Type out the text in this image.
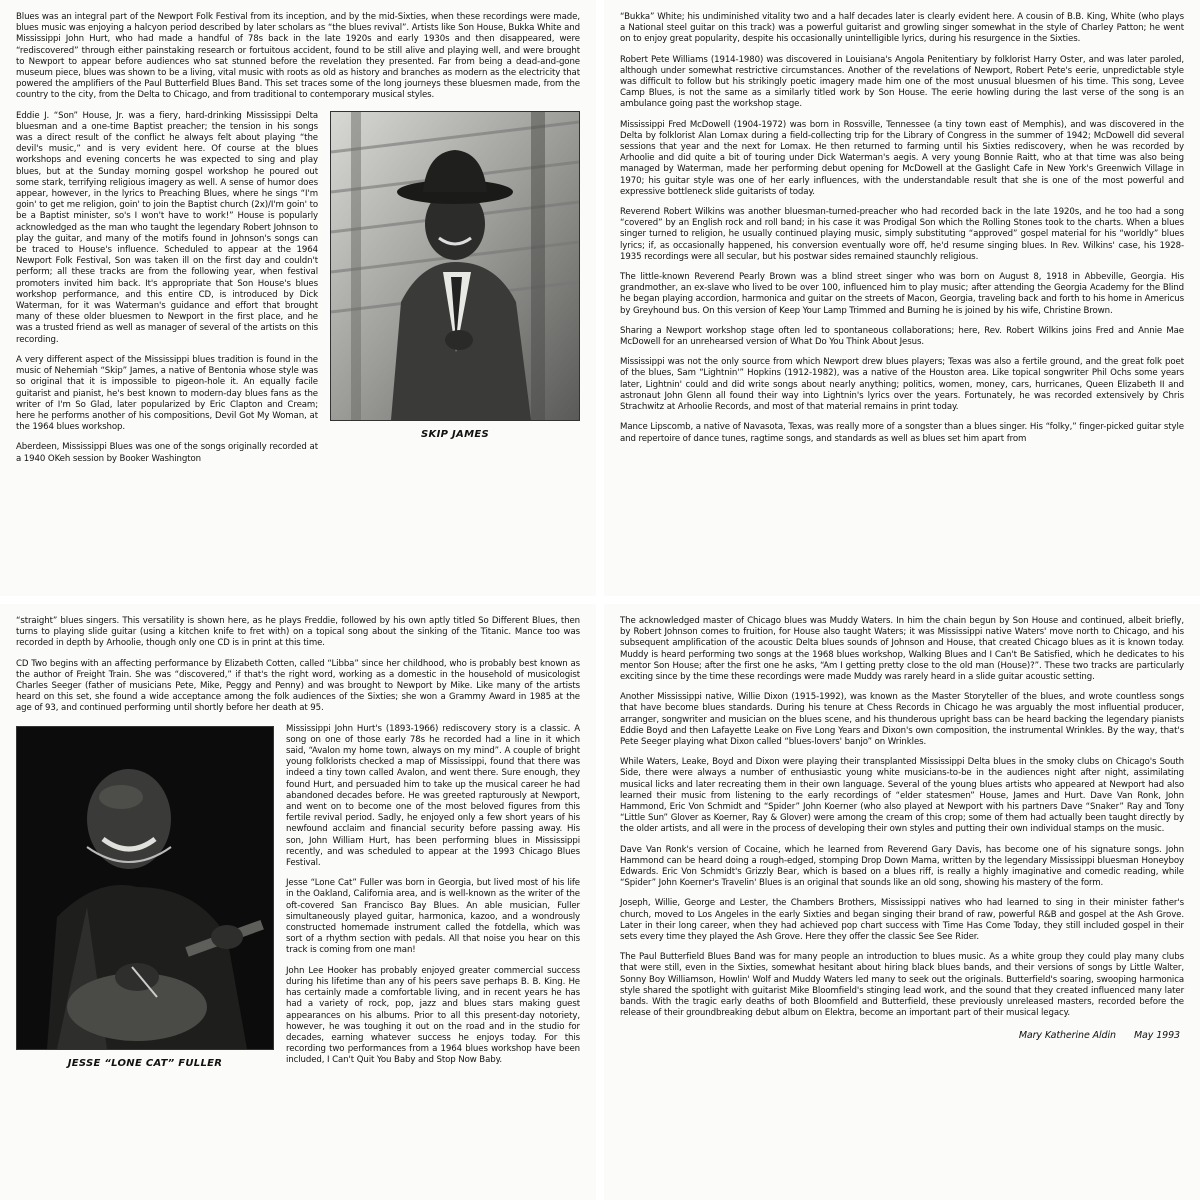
Blues was an integral part of the Newport Folk Festival from its inception, and by the mid-Sixties, when these recordings were made, blues music was enjoying a halcyon period described by later scholars as “the blues revival”. Artists like Son House, Bukka White and Mississippi John Hurt, who had made a handful of 78s back in the late 1920s and early 1930s and then disappeared, were “rediscovered” through either painstaking research or fortuitous accident, found to be still alive and playing well, and were brought to Newport to appear before audiences who sat stunned before the revelation they presented. Far from being a dead-and-gone museum piece, blues was shown to be a living, vital music with roots as old as history and branches as modern as the electricity that powered the amplifiers of the Paul Butterfield Blues Band. This set traces some of the long journeys these bluesmen made, from the country to the city, from the Delta to Chicago, and from traditional to contemporary musical styles.

SKIP JAMES

Eddie J. “Son” House, Jr. was a fiery, hard-drinking Mississippi Delta bluesman and a one-time Baptist preacher; the tension in his songs was a direct result of the conflict he always felt about playing “the devil's music,” and is very evident here. Of course at the blues workshops and evening concerts he was expected to sing and play blues, but at the Sunday morning gospel workshop he poured out some stark, terrifying religious imagery as well. A sense of humor does appear, however, in the lyrics to Preaching Blues, where he sings “I'm goin' to get me religion, goin' to join the Baptist church (2x)/I'm goin' to be a Baptist minister, so's I won't have to work!” House is popularly acknowledged as the man who taught the legendary Robert Johnson to play the guitar, and many of the motifs found in Johnson's songs can be traced to House's influence. Scheduled to appear at the 1964 Newport Folk Festival, Son was taken ill on the first day and couldn't perform; all these tracks are from the following year, when festival promoters invited him back. It's appropriate that Son House's blues workshop performance, and this entire CD, is introduced by Dick Waterman, for it was Waterman's guidance and effort that brought many of these older bluesmen to Newport in the first place, and he was a trusted friend as well as manager of several of the artists on this recording.

A very different aspect of the Mississippi blues tradition is found in the music of Nehemiah “Skip” James, a native of Bentonia whose style was so original that it is impossible to pigeon-hole it. An equally facile guitarist and pianist, he's best known to modern-day blues fans as the writer of I'm So Glad, later popularized by Eric Clapton and Cream; here he performs another of his compositions, Devil Got My Woman, at the 1964 blues workshop.

Aberdeen, Mississippi Blues was one of the songs originally recorded at a 1940 OKeh session by Booker Washington

“Bukka” White; his undiminished vitality two and a half decades later is clearly evident here. A cousin of B.B. King, White (who plays a National steel guitar on this track) was a powerful guitarist and growling singer somewhat in the style of Charley Patton; he went on to enjoy great popularity, despite his occasionally unintelligible lyrics, during his resurgence in the Sixties.

Robert Pete Williams (1914-1980) was discovered in Louisiana's Angola Penitentiary by folklorist Harry Oster, and was later paroled, although under somewhat restrictive circumstances. Another of the revelations of Newport, Robert Pete's eerie, unpredictable style was difficult to follow but his strikingly poetic imagery made him one of the most unusual bluesmen of his time. This song, Levee Camp Blues, is not the same as a similarly titled work by Son House. The eerie howling during the last verse of the song is an ambulance going past the workshop stage.

Mississippi Fred McDowell (1904-1972) was born in Rossville, Tennessee (a tiny town east of Memphis), and was discovered in the Delta by folklorist Alan Lomax during a field-collecting trip for the Library of Congress in the summer of 1942; McDowell did several sessions that year and the next for Lomax. He then returned to farming until his Sixties rediscovery, when he was recorded by Arhoolie and did quite a bit of touring under Dick Waterman's aegis. A very young Bonnie Raitt, who at that time was also being managed by Waterman, made her performing debut opening for McDowell at the Gaslight Cafe in New York's Greenwich Village in 1970; his guitar style was one of her early influences, with the understandable result that she is one of the most powerful and expressive bottleneck slide guitarists of today.

Reverend Robert Wilkins was another bluesman-turned-preacher who had recorded back in the late 1920s, and he too had a song “covered” by an English rock and roll band; in his case it was Prodigal Son which the Rolling Stones took to the charts. When a blues singer turned to religion, he usually continued playing music, simply substituting “approved” gospel material for his “worldly” blues lyrics; if, as occasionally happened, his conversion eventually wore off, he'd resume singing blues. In Rev. Wilkins' case, his 1928-1935 recordings were all secular, but his postwar sides remained staunchly religious.

The little-known Reverend Pearly Brown was a blind street singer who was born on August 8, 1918 in Abbeville, Georgia. His grandmother, an ex-slave who lived to be over 100, influenced him to play music; after attending the Georgia Academy for the Blind he began playing accordion, harmonica and guitar on the streets of Macon, Georgia, traveling back and forth to his home in Americus by Greyhound bus. On this version of Keep Your Lamp Trimmed and Burning he is joined by his wife, Christine Brown.

Sharing a Newport workshop stage often led to spontaneous collaborations; here, Rev. Robert Wilkins joins Fred and Annie Mae McDowell for an unrehearsed version of What Do You Think About Jesus.

Mississippi was not the only source from which Newport drew blues players; Texas was also a fertile ground, and the great folk poet of the blues, Sam “Lightnin'” Hopkins (1912-1982), was a native of the Houston area. Like topical songwriter Phil Ochs some years later, Lightnin' could and did write songs about nearly anything; politics, women, money, cars, hurricanes, Queen Elizabeth II and astronaut John Glenn all found their way into Lightnin's lyrics over the years. Fortunately, he was recorded extensively by Chris Strachwitz at Arhoolie Records, and most of that material remains in print today.

Mance Lipscomb, a native of Navasota, Texas, was really more of a songster than a blues singer. His “folky,” finger-picked guitar style and repertoire of dance tunes, ragtime songs, and standards as well as blues set him apart from

“straight” blues singers. This versatility is shown here, as he plays Freddie, followed by his own aptly titled So Different Blues, then turns to playing slide guitar (using a kitchen knife to fret with) on a topical song about the sinking of the Titanic. Mance too was recorded in depth by Arhoolie, though only one CD is in print at this time.

CD Two begins with an affecting performance by Elizabeth Cotten, called “Libba” since her childhood, who is probably best known as the author of Freight Train. She was “discovered,” if that's the right word, working as a domestic in the household of musicologist Charles Seeger (father of musicians Pete, Mike, Peggy and Penny) and was brought to Newport by Mike. Like many of the artists heard on this set, she found a wide acceptance among the folk audiences of the Sixties; she won a Grammy Award in 1985 at the age of 93, and continued performing until shortly before her death at 95.

JESSE “LONE CAT” FULLER

Mississippi John Hurt's (1893-1966) rediscovery story is a classic. A song on one of those early 78s he recorded had a line in it which said, “Avalon my home town, always on my mind”. A couple of bright young folklorists checked a map of Mississippi, found that there was indeed a tiny town called Avalon, and went there. Sure enough, they found Hurt, and persuaded him to take up the musical career he had abandoned decades before. He was greeted rapturously at Newport, and went on to become one of the most beloved figures from this fertile revival period. Sadly, he enjoyed only a few short years of his newfound acclaim and financial security before passing away. His son, John William Hurt, has been performing blues in Mississippi recently, and was scheduled to appear at the 1993 Chicago Blues Festival.

Jesse “Lone Cat” Fuller was born in Georgia, but lived most of his life in the Oakland, California area, and is well-known as the writer of the oft-covered San Francisco Bay Blues. An able musician, Fuller simultaneously played guitar, harmonica, kazoo, and a wondrously constructed homemade instrument called the fotdella, which was sort of a rhythm section with pedals. All that noise you hear on this track is coming from one man!

John Lee Hooker has probably enjoyed greater commercial success during his lifetime than any of his peers save perhaps B. B. King. He has certainly made a comfortable living, and in recent years he has had a variety of rock, pop, jazz and blues stars making guest appearances on his albums. Prior to all this present-day notoriety, however, he was toughing it out on the road and in the studio for decades, earning whatever success he enjoys today. For this recording two performances from a 1964 blues workshop have been included, I Can't Quit You Baby and Stop Now Baby.

The acknowledged master of Chicago blues was Muddy Waters. In him the chain begun by Son House and continued, albeit briefly, by Robert Johnson comes to fruition, for House also taught Waters; it was Mississippi native Waters' move north to Chicago, and his subsequent amplification of the acoustic Delta blues sounds of Johnson and House, that created Chicago blues as it is known today. Muddy is heard performing two songs at the 1968 blues workshop, Walking Blues and I Can't Be Satisfied, which he dedicates to his mentor Son House; after the first one he asks, “Am I getting pretty close to the old man (House)?”. These two tracks are particularly exciting since by the time these recordings were made Muddy was rarely heard in a slide guitar acoustic setting.

Another Mississippi native, Willie Dixon (1915-1992), was known as the Master Storyteller of the blues, and wrote countless songs that have become blues standards. During his tenure at Chess Records in Chicago he was arguably the most influential producer, arranger, songwriter and musician on the blues scene, and his thunderous upright bass can be heard backing the legendary pianists Eddie Boyd and then Lafayette Leake on Five Long Years and Dixon's own composition, the instrumental Wrinkles. By the way, that's Pete Seeger playing what Dixon called “blues-lovers' banjo” on Wrinkles.

While Waters, Leake, Boyd and Dixon were playing their transplanted Mississippi Delta blues in the smoky clubs on Chicago's South Side, there were always a number of enthusiastic young white musicians-to-be in the audiences night after night, assimilating musical licks and later recreating them in their own language. Several of the young blues artists who appeared at Newport had also learned their music from listening to the early recordings of “elder statesmen” House, James and Hurt. Dave Van Ronk, John Hammond, Eric Von Schmidt and “Spider” John Koerner (who also played at Newport with his partners Dave “Snaker” Ray and Tony “Little Sun” Glover as Koerner, Ray & Glover) were among the cream of this crop; some of them had actually been taught directly by the older artists, and all were in the process of developing their own styles and putting their own individual stamps on the music.

Dave Van Ronk's version of Cocaine, which he learned from Reverend Gary Davis, has become one of his signature songs. John Hammond can be heard doing a rough-edged, stomping Drop Down Mama, written by the legendary Mississippi bluesman Honeyboy Edwards. Eric Von Schmidt's Grizzly Bear, which is based on a blues riff, is really a highly imaginative and comedic reading, while “Spider” John Koerner's Travelin' Blues is an original that sounds like an old song, showing his mastery of the form.

Joseph, Willie, George and Lester, the Chambers Brothers, Mississippi natives who had learned to sing in their minister father's church, moved to Los Angeles in the early Sixties and began singing their brand of raw, powerful R&B and gospel at the Ash Grove. Later in their long career, when they had achieved pop chart success with Time Has Come Today, they still included gospel in their sets every time they played the Ash Grove. Here they offer the classic See See Rider.

The Paul Butterfield Blues Band was for many people an introduction to blues music. As a white group they could play many clubs that were still, even in the Sixties, somewhat hesitant about hiring black blues bands, and their versions of songs by Little Walter, Sonny Boy Williamson, Howlin' Wolf and Muddy Waters led many to seek out the originals. Butterfield's soaring, swooping harmonica style shared the spotlight with guitarist Mike Bloomfield's stinging lead work, and the sound that they created influenced many later bands. With the tragic early deaths of both Bloomfield and Butterfield, these previously unreleased masters, recorded before the release of their groundbreaking debut album on Elektra, become an important part of their musical legacy.

Mary Katherine Aldin May 1993
